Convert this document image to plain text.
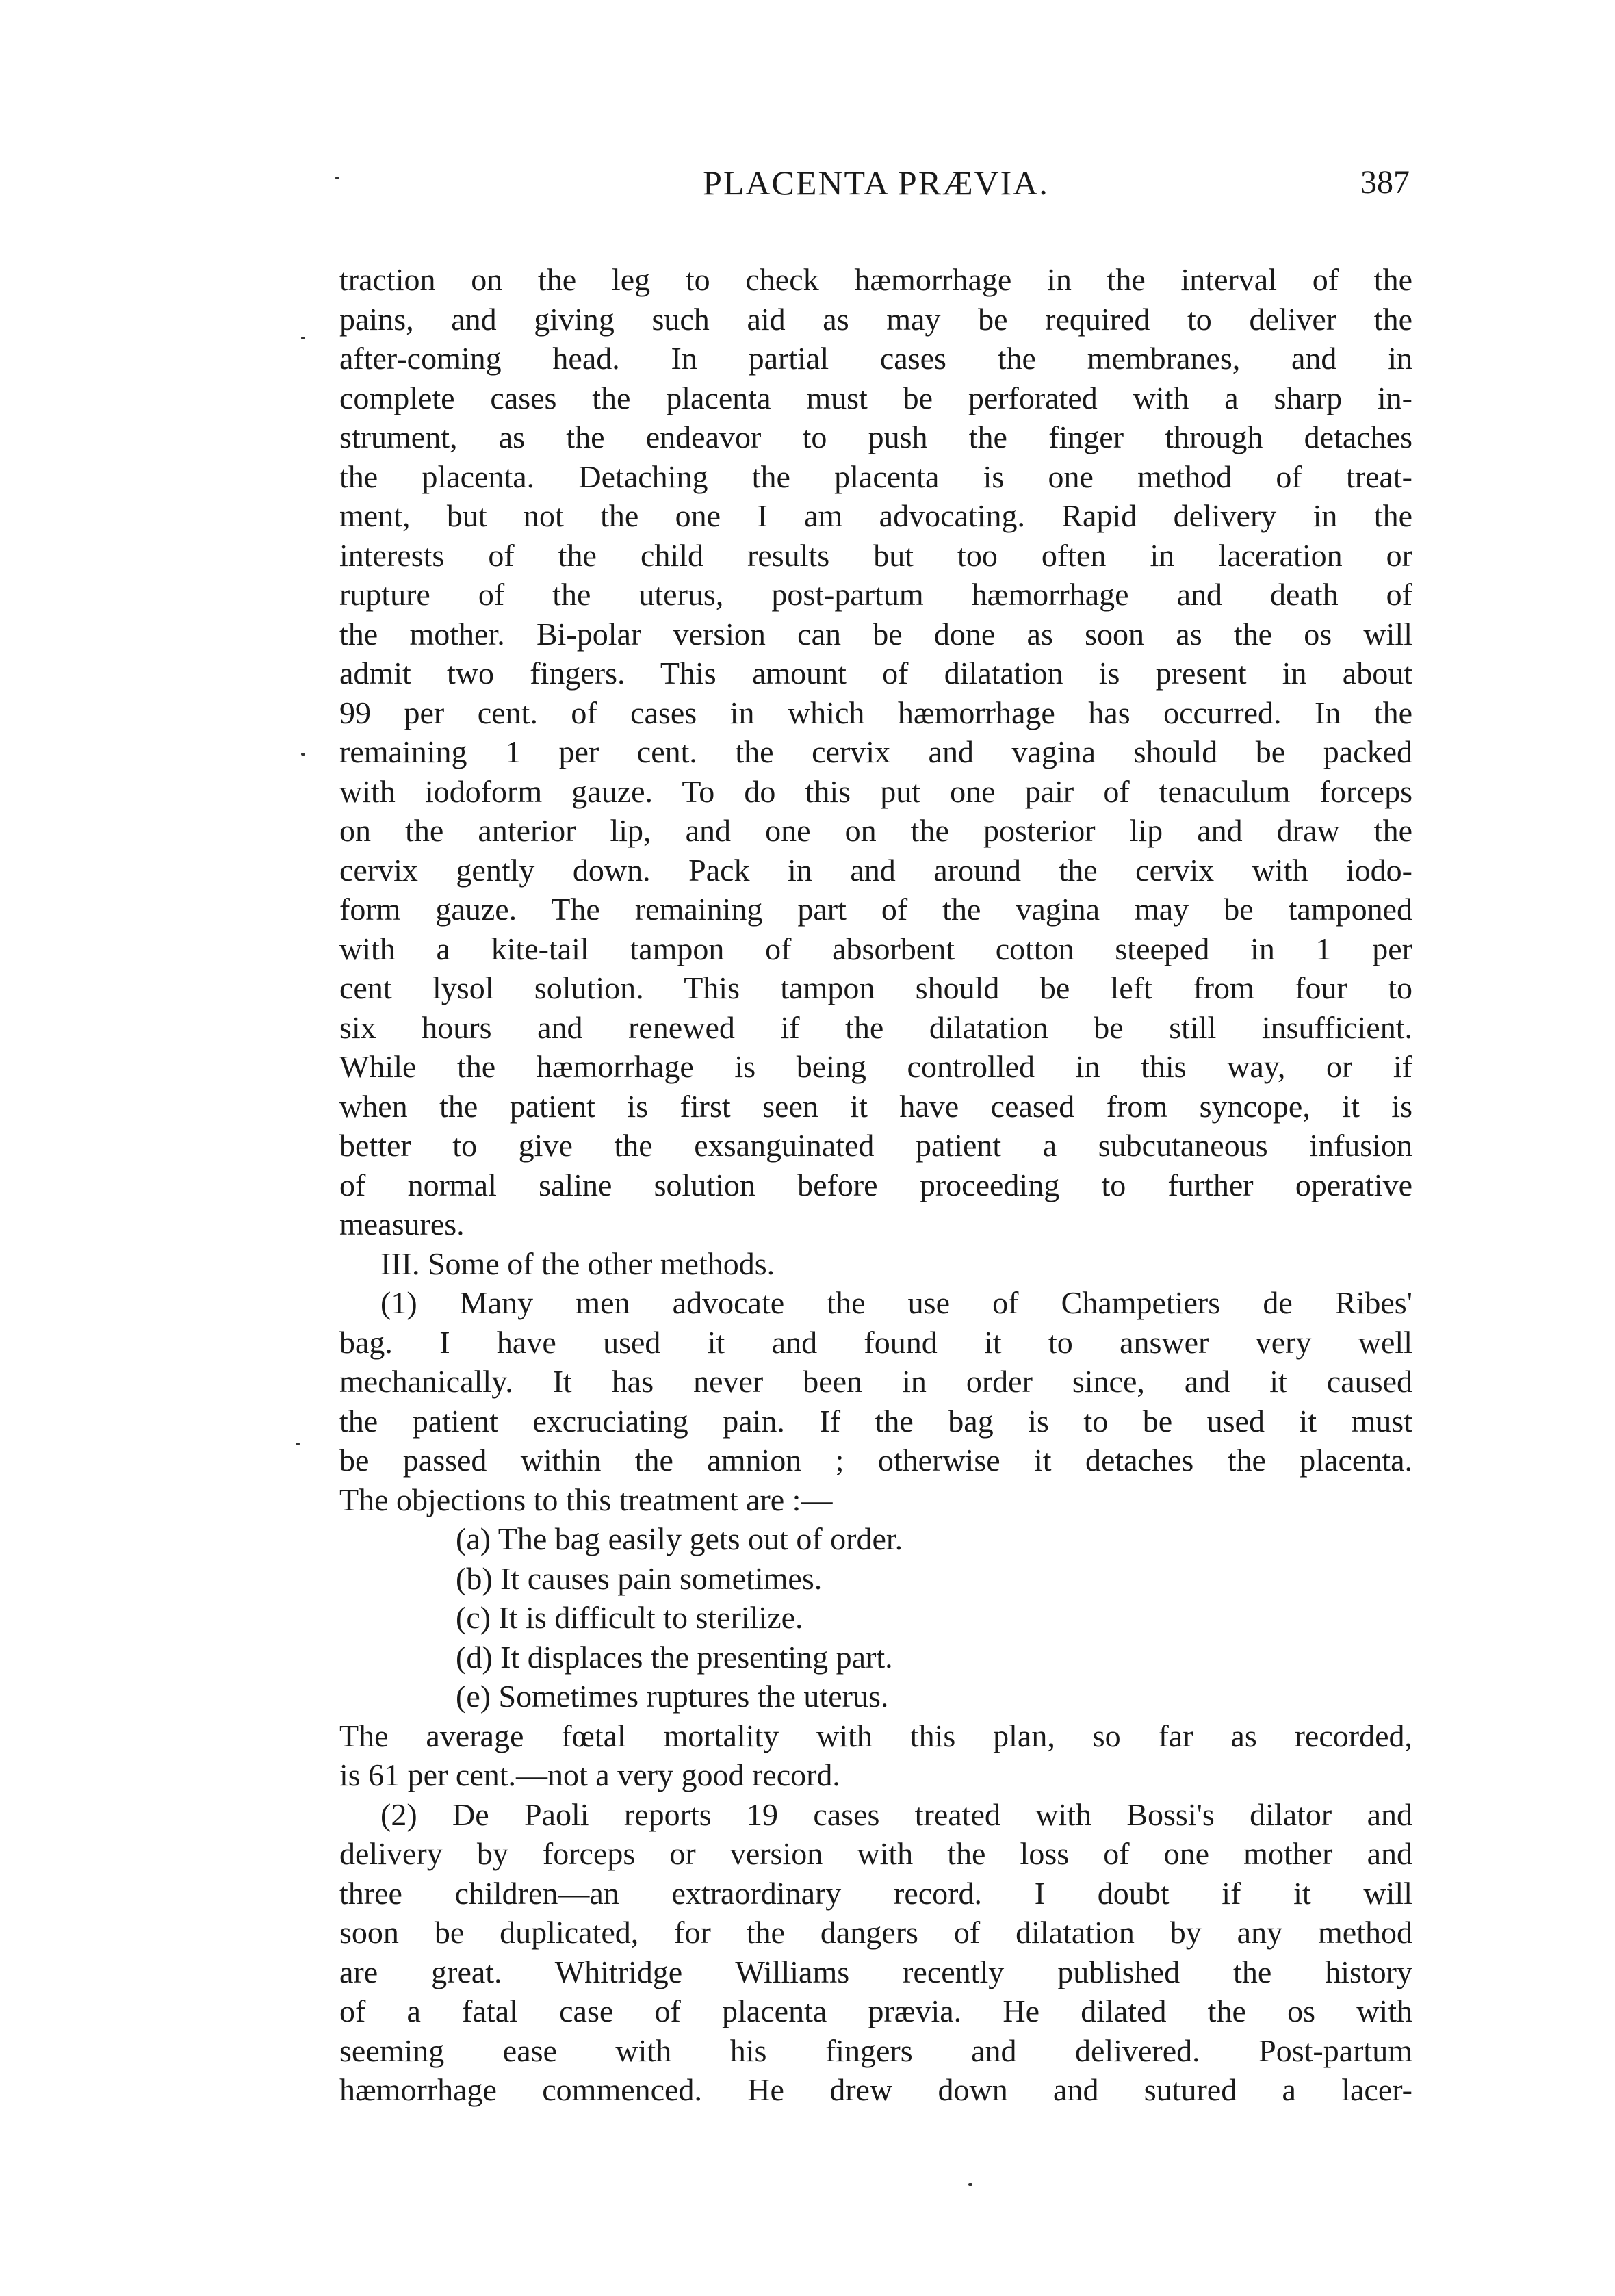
PLACENTA PRÆVIA.	387

traction on the leg to check hæmorrhage in the interval of the
pains, and giving such aid as may be required to deliver the
after-coming head. In partial cases the membranes, and in
complete cases the placenta must be perforated with a sharp in-
strument, as the endeavor to push the finger through detaches
the placenta. Detaching the placenta is one method of treat-
ment, but not the one I am advocating. Rapid delivery in the
interests of the child results but too often in laceration or
rupture of the uterus, post-partum hæmorrhage and death of
the mother. Bi-polar version can be done as soon as the os will
admit two fingers. This amount of dilatation is present in about
99 per cent. of cases in which hæmorrhage has occurred. In the
remaining 1 per cent. the cervix and vagina should be packed
with iodoform gauze. To do this put one pair of tenaculum forceps
on the anterior lip, and one on the posterior lip and draw the
cervix gently down. Pack in and around the cervix with iodo-
form gauze. The remaining part of the vagina may be tamponed
with a kite-tail tampon of absorbent cotton steeped in 1 per
cent lysol solution. This tampon should be left from four to
six hours and renewed if the dilatation be still insufficient.
While the hæmorrhage is being controlled in this way, or if
when the patient is first seen it have ceased from syncope, it is
better to give the exsanguinated patient a subcutaneous infusion
of normal saline solution before proceeding to further operative
measures.

III. Some of the other methods.

(1) Many men advocate the use of Champetiers de Ribes'
bag. I have used it and found it to answer very well
mechanically. It has never been in order since, and it caused
the patient excruciating pain. If the bag is to be used it must
be passed within the amnion ; otherwise it detaches the placenta.
The objections to this treatment are :—

(a) The bag easily gets out of order.
(b) It causes pain sometimes.
(c) It is difficult to sterilize.
(d) It displaces the presenting part.
(e) Sometimes ruptures the uterus.

The average fœtal mortality with this plan, so far as recorded,
is 61 per cent.—not a very good record.

(2) De Paoli reports 19 cases treated with Bossi's dilator and
delivery by forceps or version with the loss of one mother and
three children—an extraordinary record. I doubt if it will
soon be duplicated, for the dangers of dilatation by any method
are great. Whitridge Williams recently published the history
of a fatal case of placenta prævia. He dilated the os with
seeming ease with his fingers and delivered. Post-partum
hæmorrhage commenced. He drew down and sutured a lacer-
